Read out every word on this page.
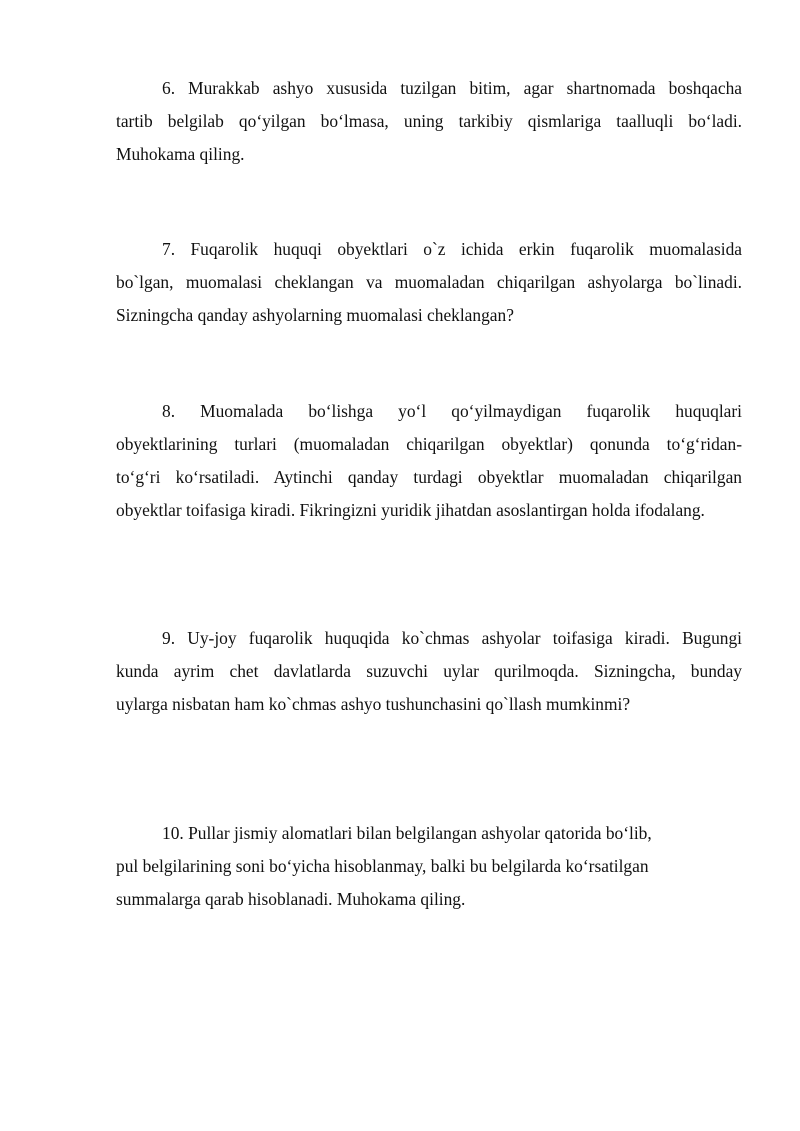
6. Murakkab ashyo xususida tuzilgan bitim, agar shartnomada boshqacha
tartib belgilab qo‘yilgan bo‘lmasa, uning tarkibiy qismlariga taalluqli bo‘ladi.
Muhokama qiling.

7. Fuqarolik huquqi obyektlari o`z ichida erkin fuqarolik muomalasida
bo`lgan, muomalasi cheklangan va muomaladan chiqarilgan ashyolarga bo`linadi.
Sizningcha qanday ashyolarning muomalasi cheklangan?

8. Muomalada bo‘lishga yo‘l qo‘yilmaydigan fuqarolik huquqlari
obyektlarining turlari (muomaladan chiqarilgan obyektlar) qonunda to‘g‘ridan-
to‘g‘ri ko‘rsatiladi. Aytinchi qanday turdagi obyektlar muomaladan chiqarilgan
obyektlar toifasiga kiradi. Fikringizni yuridik jihatdan asoslantirgan holda ifodalang.

9. Uy-joy fuqarolik huquqida ko`chmas ashyolar toifasiga kiradi. Bugungi
kunda ayrim chet davlatlarda suzuvchi uylar qurilmoqda. Sizningcha, bunday
uylarga nisbatan ham ko`chmas ashyo tushunchasini qo`llash mumkinmi?

10. Pullar jismiy alomatlari bilan belgilangan ashyolar qatorida bo‘lib,
pul belgilarining soni bo‘yicha hisoblanmay, balki bu belgilarda ko‘rsatilgan
summalarga qarab hisoblanadi. Muhokama qiling.
